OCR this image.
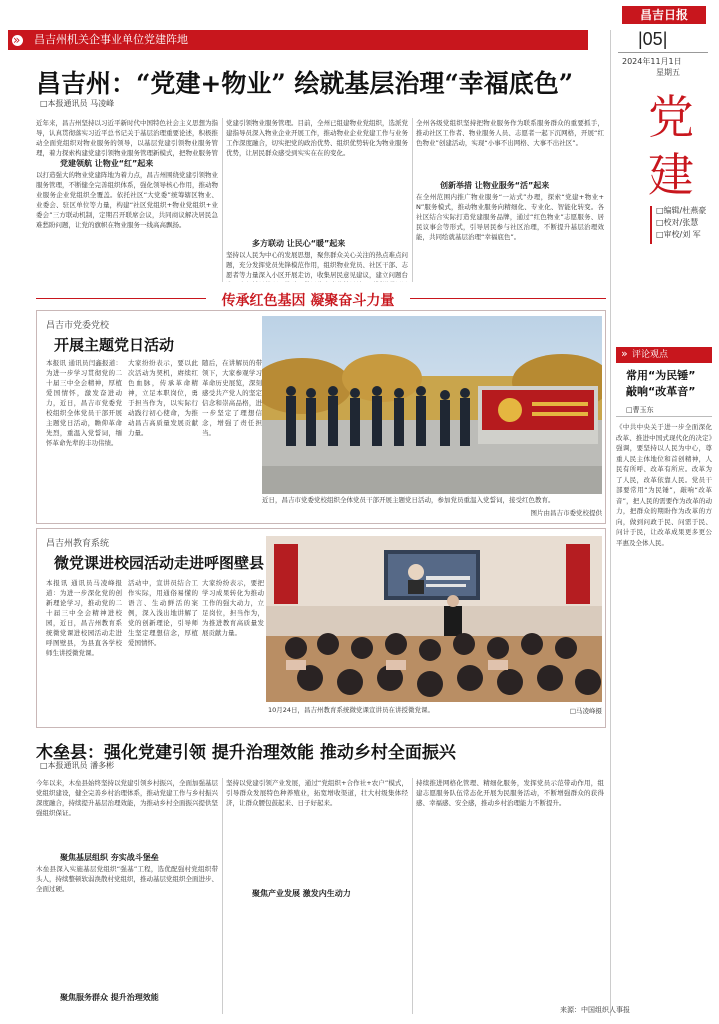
»
昌吉州机关企事业单位党建阵地
昌吉日报
|05|
2024年11月1日
星期五
党
建
□编辑/杜燕豪
□校对/张慧
□审校/刘 军
昌吉州：“党建+物业” 绘就基层治理“幸福底色”
□本报通讯员 马凌峰
近年来，昌吉州坚持以习近平新时代中国特色社会主义思想为指导，认真贯彻落实习近平总书记关于基层治理重要论述，积极推动全面党组织对物业服务的领导，以基层党建引领物业服务管理，着力探索构建党建引领物业服务管理新模式，把物业服务管
党建领航 让物业“红”起来
以打造强大的物业党建阵地为着力点，昌吉州围绕党建引领物业服务管理，不断健全完善组织体系，强化领导核心作用，推动物业服务企业党组织全覆盖。依托社区“大党委”统筹辖区物业、业委会、驻区单位等力量，构建“社区党组织+物业党组织+业委会”三方联动机制，定期召开联席会议，共同商议解决居民急难愁盼问题，让党的旗帜在物业服务一线高高飘扬。
党建引领物业服务管理。目前，全州已组建物业党组织，选派党建指导员深入物业企业开展工作，推动物业企业党建工作与业务工作深度融合，切实把党的政治优势、组织优势转化为物业服务优势，让居民群众感受到实实在在的变化。
多方联动 让民心“暖”起来
坚持以人民为中心的发展思想，聚焦群众关心关注的热点难点问题，充分发挥党员先锋模范作用，组织物业党员、社区干部、志愿者等力量深入小区开展走访，收集居民意见建议，建立问题台
全州各级党组织坚持把物业服务作为联系服务群众的重要抓手，推动社区工作者、物业服务人员、志愿者一起下沉网格，开展“红色物业”创建活动，实现“小事不出网格、大事不出社区”。
创新举措 让物业服务“活”起来
在全州范围内推广物业服务“一站式”办理，探索“党建+物业+N”服务模式，推动物业服务向精细化、专业化、智能化转变。各社区结合实际打造党建服务品牌，通过“红色物业”志愿服务、居民议事会等形式，引导居民参与社区治理，不断提升基层治理效能，共同绘就基层治理“幸福底色”。
传承红色基因 凝聚奋斗力量
昌吉市党委党校
开展主题党日活动
本报讯 通讯员闫鑫报道：为进一步学习贯彻党的二十届三中全会精神，厚植爱国情怀，激发奋进动力，近日，昌吉市党委党校组织全体党员干部开展主题党日活动，瞻仰革命先烈，重温入党誓词，缅怀革命先辈的丰功伟绩。
大家纷纷表示，要以此次活动为契机，赓续红色血脉，传承革命精神，立足本职岗位，勇于担当作为，以实际行动践行初心使命，为推动昌吉高质量发展贡献力量。
随后，在讲解员的带领下，大家参观学习革命历史展览，深刻感受共产党人的坚定信念和崇高品格，进一步坚定了理想信念，增强了责任担当。
近日，昌吉市党委党校组织全体党员干部开展主题党日活动，参加党员重温入党誓词，接受红色教育。
图片由昌吉市委党校提供
昌吉州教育系统
微党课进校园活动走进呼图壁县
本报讯 通讯员马凌峰报道：为进一步深化党的创新理论学习，推动党的二十届三中全会精神进校园，近日，昌吉州教育系统微党课进校园活动走进呼图壁县，为县直各学校师生讲授微党课。
活动中，宣讲员结合工作实际，用通俗易懂的语言、生动鲜活的案例，深入浅出地讲解了党的创新理论，引导师生坚定理想信念，厚植爱国情怀。
大家纷纷表示，要把学习成果转化为推动工作的强大动力，立足岗位，担当作为，为推进教育高质量发展贡献力量。
10月24日，昌吉州教育系统微党课宣讲员在讲授微党课。	□马凌峰摄
木垒县：强化党建引领 提升治理效能 推动乡村全面振兴
□本报通讯员 潘多彬
今年以来，木垒县始终坚持以党建引领乡村振兴，全面加强基层党组织建设，健全完善乡村治理体系，推动党建工作与乡村振兴深度融合，持续提升基层治理效能，为推动乡村全面振兴提供坚强组织保证。
聚焦基层组织 夯实战斗堡垒
木垒县深入实施基层党组织“强基”工程，选优配强村党组织带头人，持续整顿软弱涣散村党组织，推动基层党组织全面进步、全面过硬。
坚持以党建引领产业发展，通过“党组织+合作社+农户”模式，引导群众发展特色种养殖业，拓宽增收渠道，壮大村级集体经济，让群众腰包鼓起来、日子好起来。
聚焦产业发展 激发内生动力
聚焦服务群众 提升治理效能
持续推进网格化管理、精细化服务，发挥党员示范带动作用，组建志愿服务队伍常态化开展为民服务活动，不断增强群众的获得感、幸福感、安全感，推动乡村治理能力不断提升。
» 评论观点
常用“为民锤”
敲响“改革音”
□曹玉东
《中共中央关于进一步全面深化改革、推进中国式现代化的决定》强调，要坚持以人民为中心，尊重人民主体地位和首创精神，人民有所呼、改革有所应。改革为了人民，改革依靠人民。党员干部要常用“为民锤”，敲响“改革音”，把人民的需要作为改革的动力，把群众的期盼作为改革的方向，做到问政于民、问需于民、问计于民，让改革成果更多更公平惠及全体人民。
来源：中国组织人事报
